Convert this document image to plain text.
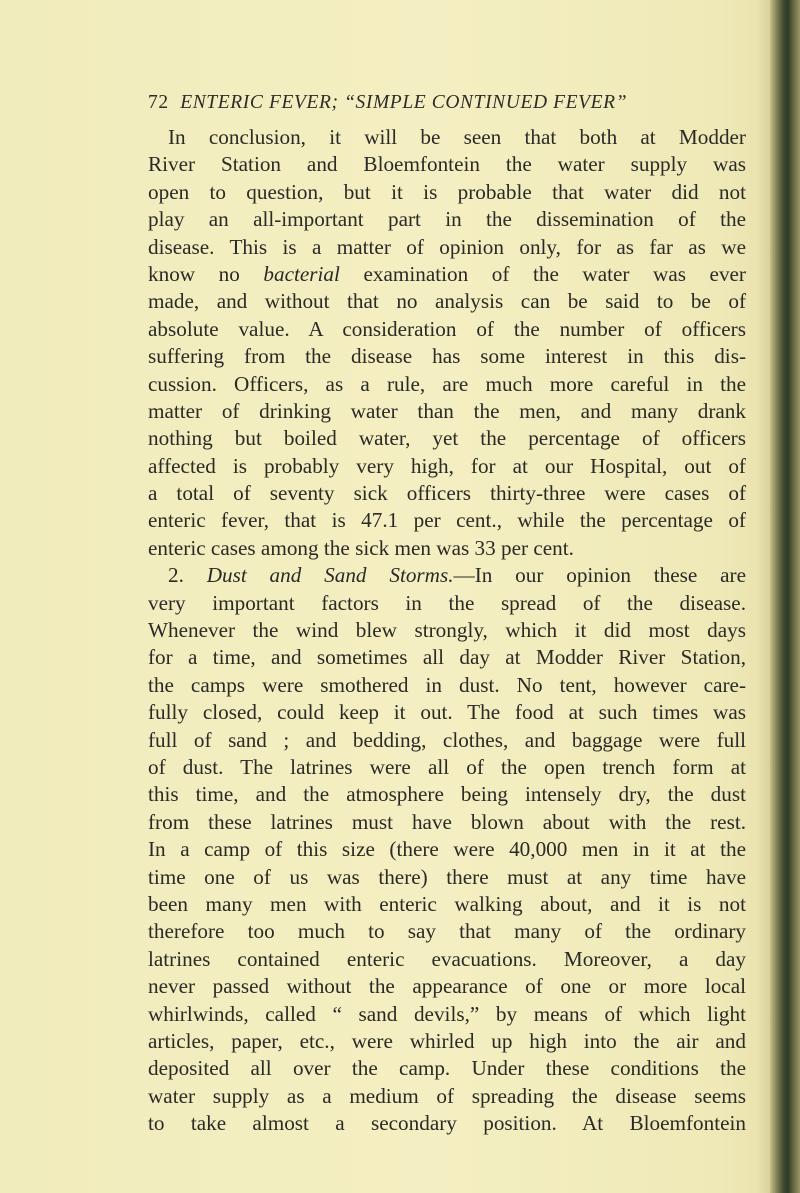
72 ENTERIC FEVER; “SIMPLE CONTINUED FEVER”
In conclusion, it will be seen that both at Modder
River Station and Bloemfontein the water supply was
open to question, but it is probable that water did not
play an all-important part in the dissemination of the
disease. This is a matter of opinion only, for as far as we
know no bacterial examination of the water was ever
made, and without that no analysis can be said to be of
absolute value. A consideration of the number of officers
suffering from the disease has some interest in this dis-
cussion. Officers, as a rule, are much more careful in the
matter of drinking water than the men, and many drank
nothing but boiled water, yet the percentage of officers
affected is probably very high, for at our Hospital, out of
a total of seventy sick officers thirty-three were cases of
enteric fever, that is 47.1 per cent., while the percentage of
enteric cases among the sick men was 33 per cent.
2. Dust and Sand Storms.—In our opinion these are
very important factors in the spread of the disease.
Whenever the wind blew strongly, which it did most days
for a time, and sometimes all day at Modder River Station,
the camps were smothered in dust. No tent, however care-
fully closed, could keep it out. The food at such times was
full of sand ; and bedding, clothes, and baggage were full
of dust. The latrines were all of the open trench form at
this time, and the atmosphere being intensely dry, the dust
from these latrines must have blown about with the rest.
In a camp of this size (there were 40,000 men in it at the
time one of us was there) there must at any time have
been many men with enteric walking about, and it is not
therefore too much to say that many of the ordinary
latrines contained enteric evacuations. Moreover, a day
never passed without the appearance of one or more local
whirlwinds, called “ sand devils,” by means of which light
articles, paper, etc., were whirled up high into the air and
deposited all over the camp. Under these conditions the
water supply as a medium of spreading the disease seems
to take almost a secondary position. At Bloemfontein
